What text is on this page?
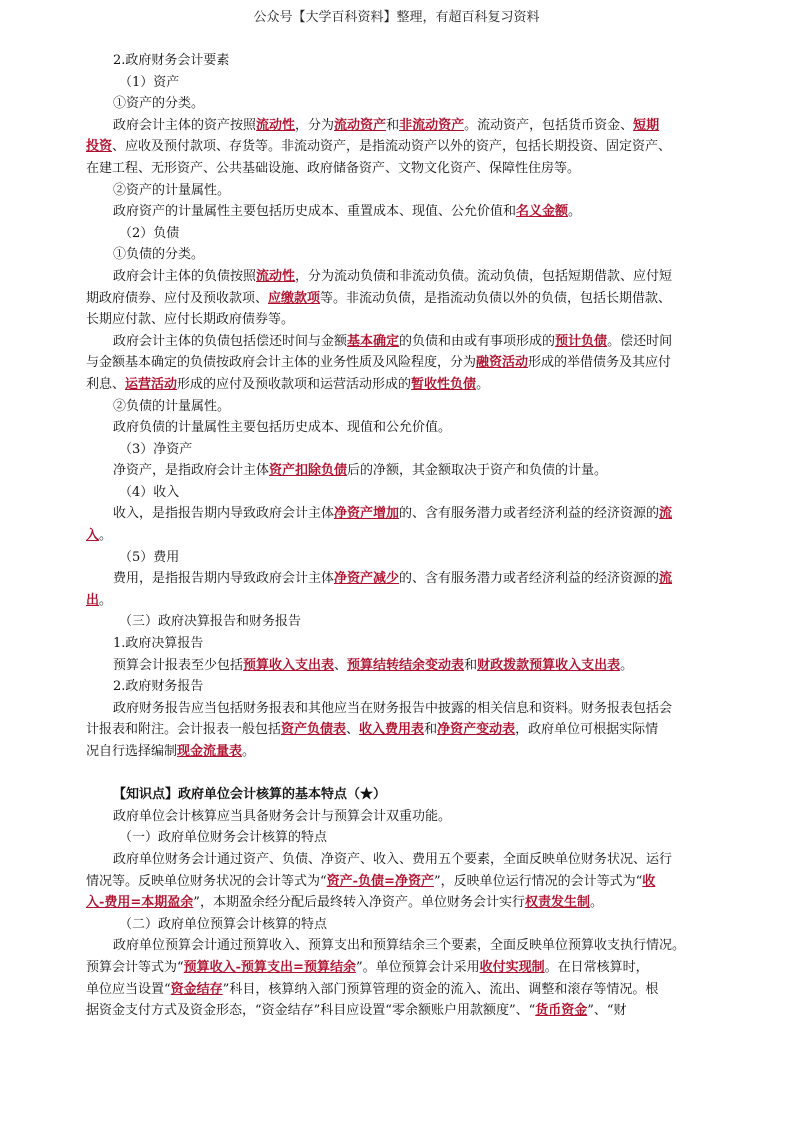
公众号【大学百科资料】整理，有超百科复习资料
2.政府财务会计要素
（1）资产
①资产的分类。
政府会计主体的资产按照流动性，分为流动资产和非流动资产。流动资产，包括货币资金、短期
投资、应收及预付款项、存货等。非流动资产，是指流动资产以外的资产，包括长期投资、固定资产、
在建工程、无形资产、公共基础设施、政府储备资产、文物文化资产、保障性住房等。
②资产的计量属性。
政府资产的计量属性主要包括历史成本、重置成本、现值、公允价值和名义金额。
（2）负债
①负债的分类。
政府会计主体的负债按照流动性，分为流动负债和非流动负债。流动负债，包括短期借款、应付短
期政府债券、应付及预收款项、应缴款项等。非流动负债，是指流动负债以外的负债，包括长期借款、
长期应付款、应付长期政府债券等。
政府会计主体的负债包括偿还时间与金额基本确定的负债和由或有事项形成的预计负债。偿还时间
与金额基本确定的负债按政府会计主体的业务性质及风险程度，分为融资活动形成的举借债务及其应付
利息、运营活动形成的应付及预收款项和运营活动形成的暂收性负债。
②负债的计量属性。
政府负债的计量属性主要包括历史成本、现值和公允价值。
（3）净资产
净资产，是指政府会计主体资产扣除负债后的净额，其金额取决于资产和负债的计量。
（4）收入
收入，是指报告期内导致政府会计主体净资产增加的、含有服务潜力或者经济利益的经济资源的流
入。
（5）费用
费用，是指报告期内导致政府会计主体净资产减少的、含有服务潜力或者经济利益的经济资源的流
出。
（三）政府决算报告和财务报告
1.政府决算报告
预算会计报表至少包括预算收入支出表、预算结转结余变动表和财政拨款预算收入支出表。
2.政府财务报告
政府财务报告应当包括财务报表和其他应当在财务报告中披露的相关信息和资料。财务报表包括会
计报表和附注。会计报表一般包括资产负债表、收入费用表和净资产变动表，政府单位可根据实际情
况自行选择编制现金流量表。
【知识点】政府单位会计核算的基本特点（★）
政府单位会计核算应当具备财务会计与预算会计双重功能。
（一）政府单位财务会计核算的特点
政府单位财务会计通过资产、负债、净资产、收入、费用五个要素，全面反映单位财务状况、运行
情况等。反映单位财务状况的会计等式为“资产-负债=净资产”，反映单位运行情况的会计等式为“收
入-费用=本期盈余”，本期盈余经分配后最终转入净资产。单位财务会计实行权责发生制。
（二）政府单位预算会计核算的特点
政府单位预算会计通过预算收入、预算支出和预算结余三个要素，全面反映单位预算收支执行情况。
预算会计等式为“预算收入-预算支出=预算结余”。单位预算会计采用收付实现制。在日常核算时，
单位应当设置“资金结存”科目，核算纳入部门预算管理的资金的流入、流出、调整和滚存等情况。根
据资金支付方式及资金形态，“资金结存”科目应设置“零余额账户用款额度”、“货币资金”、“财
